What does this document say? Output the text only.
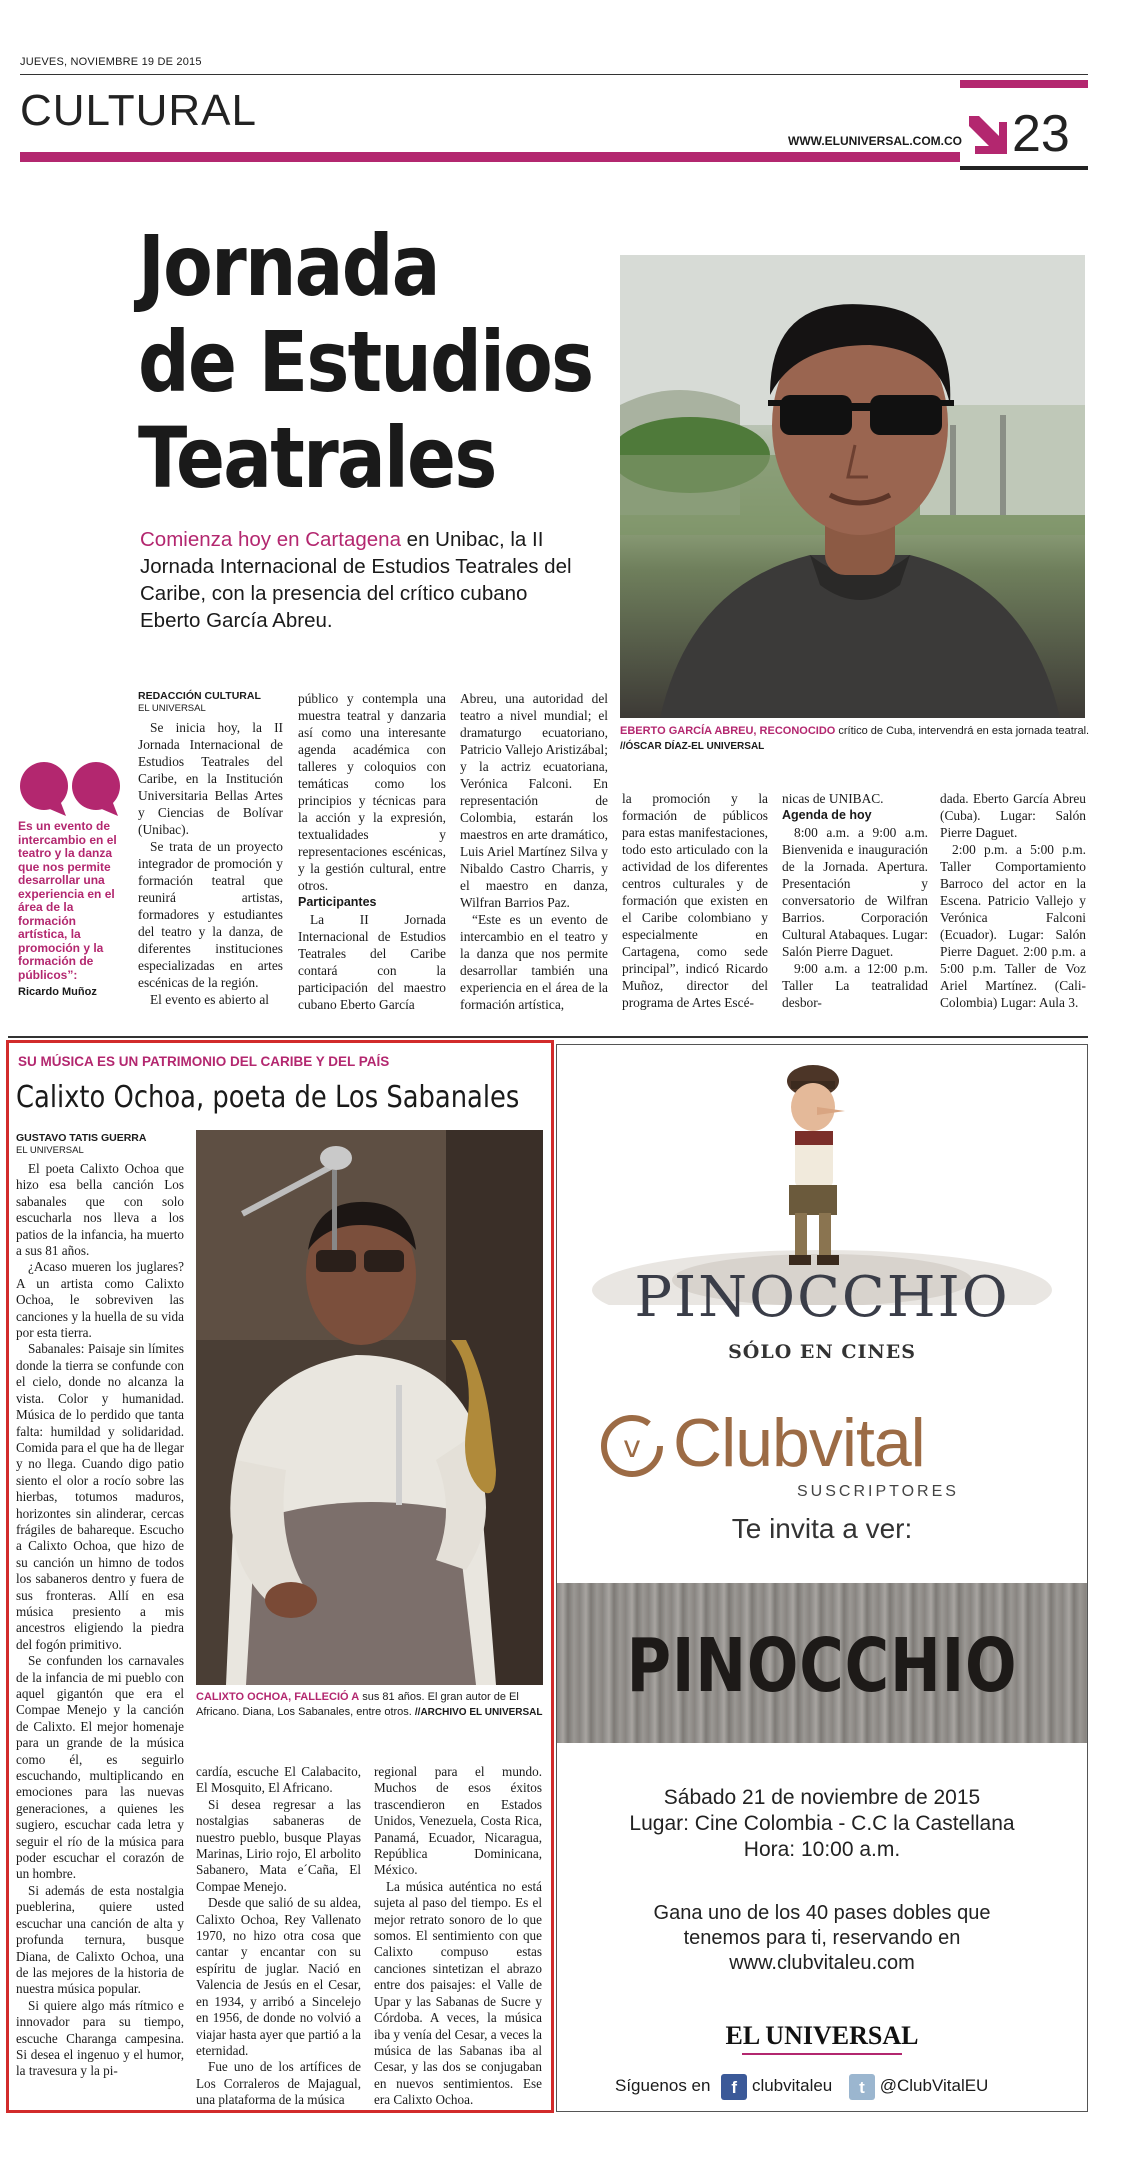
JUEVES, NOVIEMBRE 19 DE 2015
CULTURAL
WWW.ELUNIVERSAL.COM.CO 23
Jornada
de Estudios
Teatrales
Comienza hoy en Cartagena en Unibac, la II Jornada Internacional de Estudios Teatrales del Caribe, con la presencia del crítico cubano Eberto García Abreu.
EBERTO GARCÍA ABREU, RECONOCIDO crítico de Cuba, intervendrá en esta jornada teatral.
//ÓSCAR DÍAZ-EL UNIVERSAL
Es un evento de intercambio en el teatro y la danza que nos permite desarrollar una experiencia en el área de la formación artística, la promoción y la formación de públicos”:
Ricardo Muñoz
REDACCIÓN CULTURAL
EL UNIVERSAL

Se inicia hoy, la II Jornada Internacional de Estudios Teatrales del Caribe, en la Institución Universitaria Bellas Artes y Ciencias de Bolívar (Unibac).

Se trata de un proyecto integrador de promoción y formación teatral que reunirá artistas, formadores y estudiantes del teatro y la danza, de diferentes instituciones especializadas en artes escénicas de la región.

El evento es abierto al

público y contempla una muestra teatral y danzaria así como una interesante agenda académica con talleres y coloquios con temáticas como los principios y técnicas para la acción y la expresión, textualidades y representaciones escénicas, y la gestión cultural, entre otros.

Participantes

La II Jornada Internacional de Estudios Teatrales del Caribe contará con la participación del maestro cubano Eberto García

Abreu, una autoridad del teatro a nivel mundial; el dramaturgo ecuatoriano, Patricio Vallejo Aristizábal; y la actriz ecuatoriana, Verónica Falconi. En representación de Colombia, estarán los maestros en arte dramático, Luis Ariel Martínez Silva y Nibaldo Castro Charris, y el maestro en danza, Wilfran Barrios Paz.

“Este es un evento de intercambio en el teatro y la danza que nos permite desarrollar también una experiencia en el área de la formación artística,

la promoción y la formación de públicos para estas manifestaciones, todo esto articulado con la actividad de los diferentes centros culturales y de formación que existen en el Caribe colombiano y especialmente en Cartagena, como sede principal”, indicó Ricardo Muñoz, director del programa de Artes Escé-

nicas de UNIBAC.

Agenda de hoy

8:00 a.m. a 9:00 a.m. Bienvenida e inauguración de la Jornada. Apertura. Presentación y conversatorio de Wilfran Barrios. Corporación Cultural Atabaques. Lugar: Salón Pierre Daguet.

9:00 a.m. a 12:00 p.m. Taller La teatralidad desbor-

dada. Eberto García Abreu (Cuba). Lugar: Salón Pierre Daguet.

2:00 p.m. a 5:00 p.m. Taller Comportamiento Barroco del actor en la Escena. Patricio Vallejo y Verónica Falconi (Ecuador). Lugar: Salón Pierre Daguet. 2:00 p.m. a 5:00 p.m. Taller de Voz Ariel Martínez. (Cali-Colombia) Lugar: Aula 3.

SU MÚSICA ES UN PATRIMONIO DEL CARIBE Y DEL PAÍS
Calixto Ochoa, poeta de Los Sabanales
GUSTAVO TATIS GUERRA
EL UNIVERSAL

El poeta Calixto Ochoa que hizo esa bella canción Los sabanales que con solo escucharla nos lleva a los patios de la infancia, ha muerto a sus 81 años.

¿Acaso mueren los juglares? A un artista como Calixto Ochoa, le sobreviven las canciones y la huella de su vida por esta tierra.

Sabanales: Paisaje sin límites donde la tierra se confunde con el cielo, donde no alcanza la vista. Color y humanidad. Música de lo perdido que tanta falta: humildad y solidaridad. Comida para el que ha de llegar y no llega. Cuando digo patio siento el olor a rocío sobre las hierbas, totumos maduros, horizontes sin alinderar, cercas frágiles de bahareque. Escucho a Calixto Ochoa, que hizo de su canción un himno de todos los sabaneros dentro y fuera de sus fronteras. Allí en esa música presiento a mis ancestros eligiendo la piedra del fogón primitivo.

Se confunden los carnavales de la infancia de mi pueblo con aquel gigantón que era el Compae Menejo y la canción de Calixto. El mejor homenaje para un grande de la música como él, es seguirlo escuchando, multiplicando en emociones para las nuevas generaciones, a quienes les sugiero, escuchar cada letra y seguir el río de la música para poder escuchar el corazón de un hombre.

Si además de esta nostalgia pueblerina, quiere usted escuchar una canción de alta y profunda ternura, busque Diana, de Calixto Ochoa, una de las mejores de la historia de nuestra música popular.

Si quiere algo más rítmico e innovador para su tiempo, escuche Charanga campesina. Si desea el ingenuo y el humor, la travesura y la pi-

CALIXTO OCHOA, FALLECIÓ A sus 81 años. El gran autor de El Africano. Diana, Los Sabanales, entre otros. //ARCHIVO EL UNIVERSAL

cardía, escuche El Calabacito, El Mosquito, El Africano.

Si desea regresar a las nostalgias sabaneras de nuestro pueblo, busque Playas Marinas, Lirio rojo, El arbolito Sabanero, Mata e´Caña, El Compae Menejo.

Desde que salió de su aldea, Calixto Ochoa, Rey Vallenato 1970, no hizo otra cosa que cantar y encantar con su espíritu de juglar. Nació en Valencia de Jesús en el Cesar, en 1934, y arribó a Sincelejo en 1956, de donde no volvió a viajar hasta ayer que partió a la eternidad.

Fue uno de los artífices de Los Corraleros de Majagual, una plataforma de la música

regional para el mundo. Muchos de esos éxitos trascendieron en Estados Unidos, Venezuela, Costa Rica, Panamá, Ecuador, Nicaragua, República Dominicana, México.

La música auténtica no está sujeta al paso del tiempo. Es el mejor retrato sonoro de lo que somos. El sentimiento con que Calixto compuso estas canciones sintetizan el abrazo entre dos paisajes: el Valle de Upar y las Sabanas de Sucre y Córdoba. A veces, la música iba y venía del Cesar, a veces la música de las Sabanas iba al Cesar, y las dos se conjugaban en nuevos sentimientos. Ese era Calixto Ochoa.

PINOCCHIO
SÓLO EN CINES
v Clubvital
SUSCRIPTORES
Te invita a ver:
PINOCCHIO
Sábado 21 de noviembre de 2015
Lugar: Cine Colombia - C.C la Castellana
Hora: 10:00 a.m.
Gana uno de los 40 pases dobles que
tenemos para ti, reservando en
www.clubvitaleu.com
EL UNIVERSAL
Síguenos en f clubvitaleu t @ClubVitalEU
